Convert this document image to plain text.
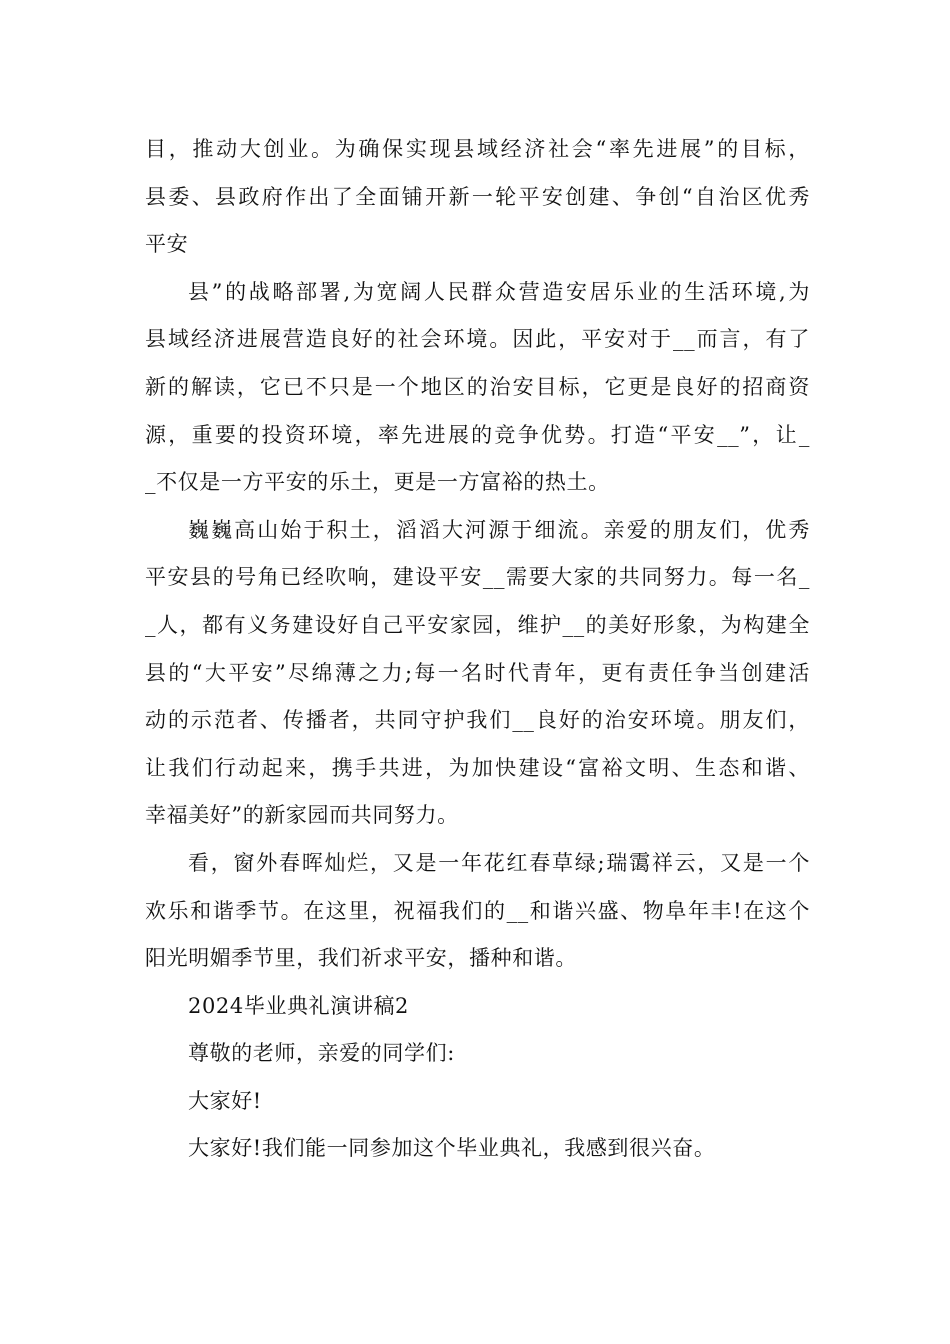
目，推动大创业。为确保实现县域经济社会“率先进展”的目标，
县委、县政府作出了全面铺开新一轮平安创建、争创“自治区优秀
平安
县”的战略部署,为宽阔人民群众营造安居乐业的生活环境,为
县域经济进展营造良好的社会环境。因此，平安对于__而言，有了
新的解读，它已不只是一个地区的治安目标，它更是良好的招商资
源，重要的投资环境，率先进展的竞争优势。打造“平安__”，让_
_不仅是一方平安的乐土，更是一方富裕的热土。
巍巍高山始于积土，滔滔大河源于细流。亲爱的朋友们，优秀
平安县的号角已经吹响，建设平安__需要大家的共同努力。每一名_
_人，都有义务建设好自己平安家园，维护__的美好形象，为构建全
县的“大平安”尽绵薄之力;每一名时代青年，更有责任争当创建活
动的示范者、传播者，共同守护我们__良好的治安环境。朋友们，
让我们行动起来，携手共进，为加快建设“富裕文明、生态和谐、
幸福美好”的新家园而共同努力。
看，窗外春晖灿烂，又是一年花红春草绿;瑞霭祥云，又是一个
欢乐和谐季节。在这里，祝福我们的__和谐兴盛、物阜年丰!在这个
阳光明媚季节里，我们祈求平安，播种和谐。
2024毕业典礼演讲稿2
尊敬的老师，亲爱的同学们:
大家好!
大家好!我们能一同参加这个毕业典礼，我感到很兴奋。
